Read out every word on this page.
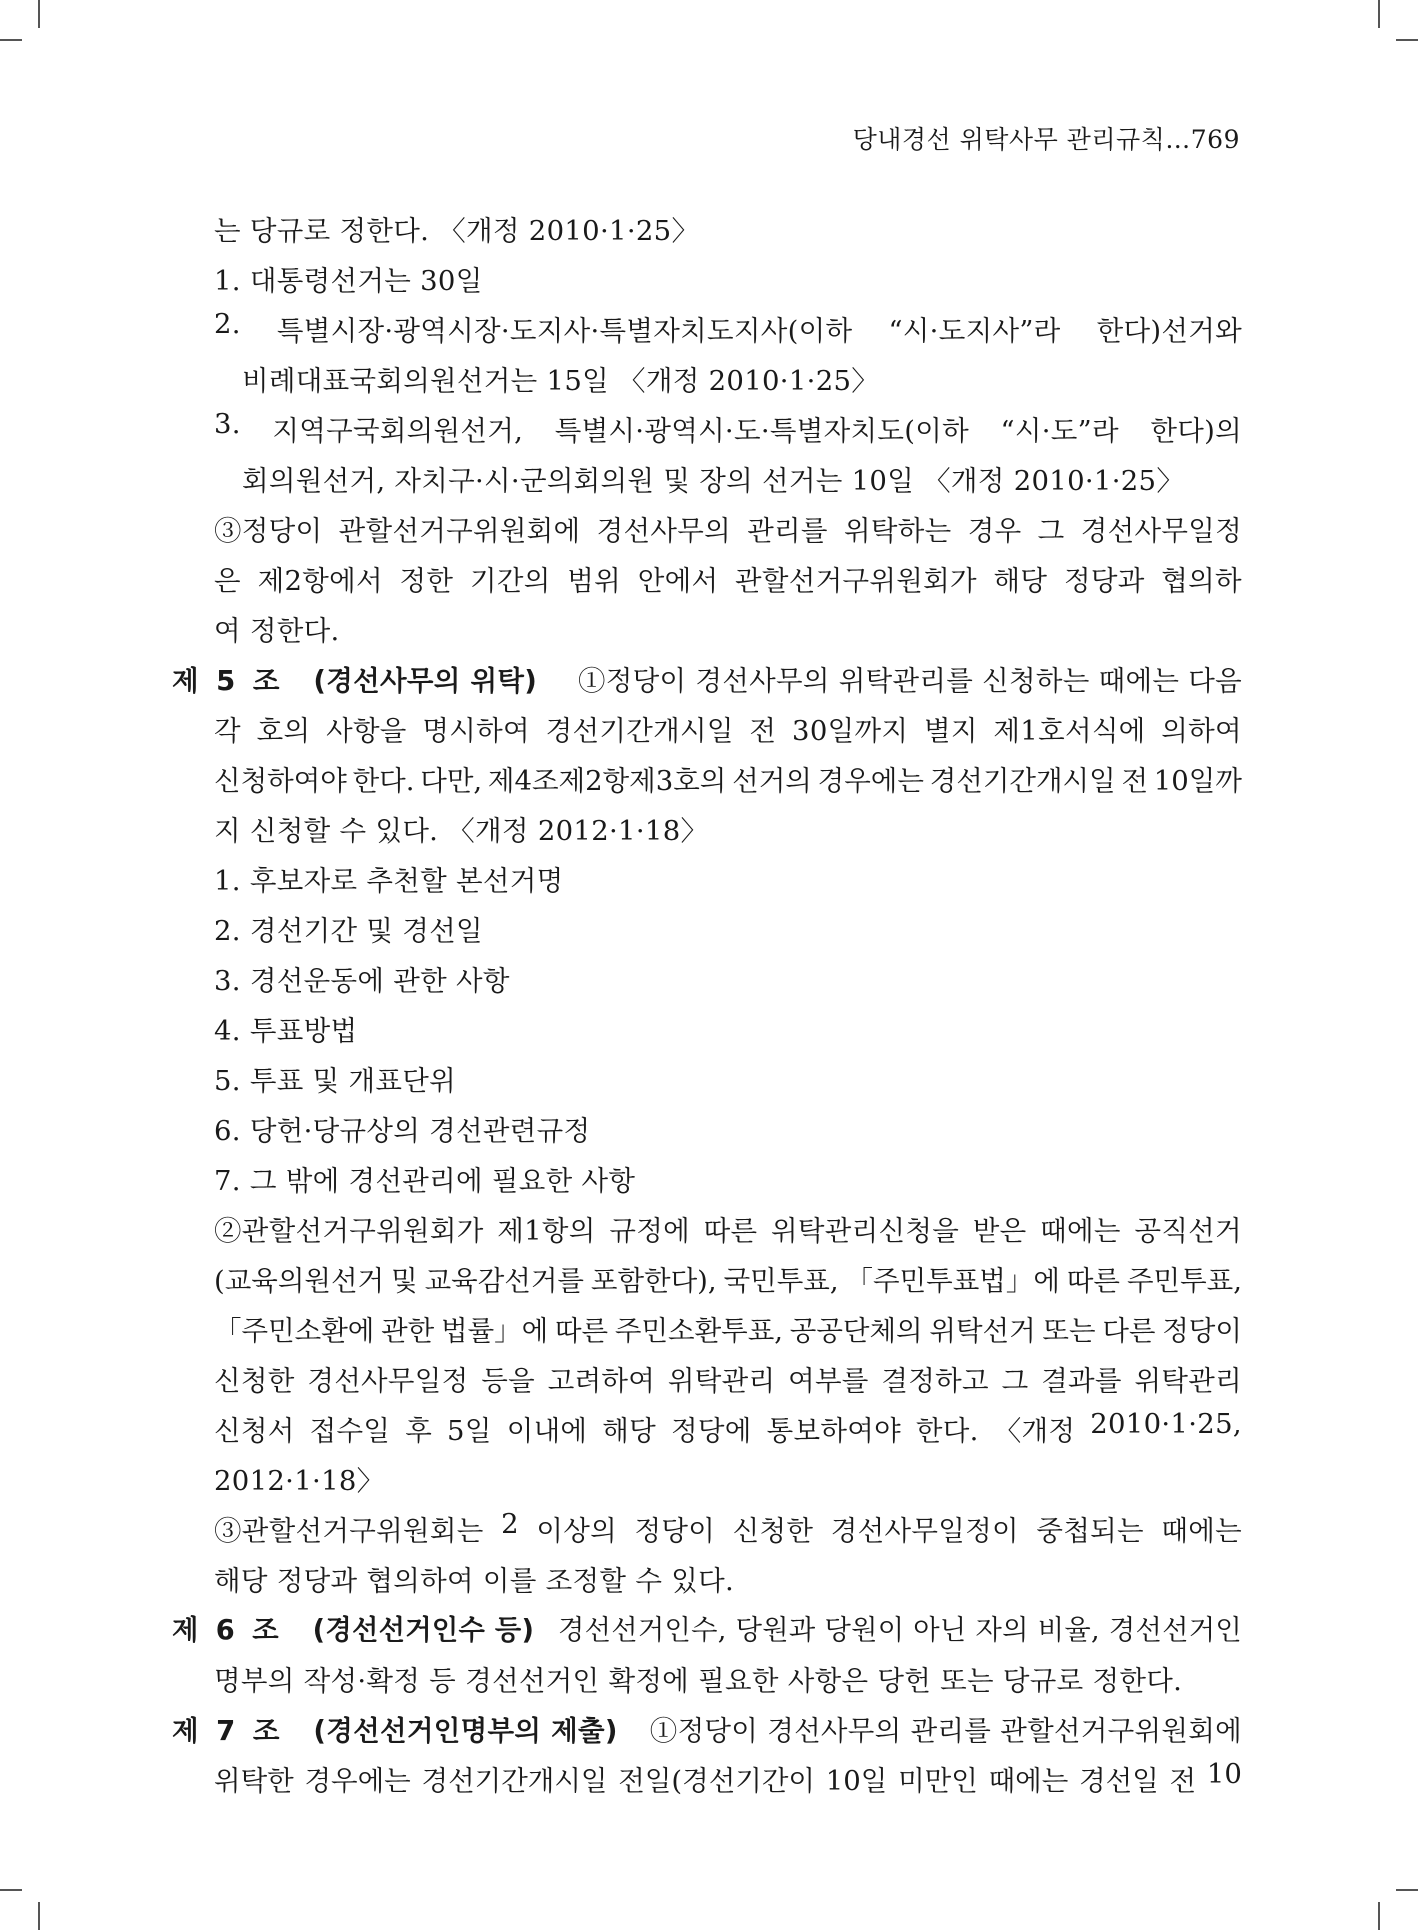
당내경선 위탁사무 관리규칙…769
는 당규로 정한다. 〈개정 2010·1·25〉
1. 대통령선거는 30일
2. 특별시장·광역시장·도지사·특별자치도지사(이하 “시·도지사”라 한다)선거와
비례대표국회의원선거는 15일 〈개정 2010·1·25〉
3. 지역구국회의원선거, 특별시·광역시·도·특별자치도(이하 “시·도”라 한다)의
회의원선거, 자치구·시·군의회의원 및 장의 선거는 10일 〈개정 2010·1·25〉
③정당이 관할선거구위원회에 경선사무의 관리를 위탁하는 경우 그 경선사무일정
은 제2항에서 정한 기간의 범위 안에서 관할선거구위원회가 해당 정당과 협의하
여 정한다.
제 5 조 (경선사무의 위탁) ①정당이 경선사무의 위탁관리를 신청하는 때에는 다음
각 호의 사항을 명시하여 경선기간개시일 전 30일까지 별지 제1호서식에 의하여
신청하여야 한다. 다만, 제4조제2항제3호의 선거의 경우에는 경선기간개시일 전 10일까
지 신청할 수 있다. 〈개정 2012·1·18〉
1. 후보자로 추천할 본선거명
2. 경선기간 및 경선일
3. 경선운동에 관한 사항
4. 투표방법
5. 투표 및 개표단위
6. 당헌·당규상의 경선관련규정
7. 그 밖에 경선관리에 필요한 사항
②관할선거구위원회가 제1항의 규정에 따른 위탁관리신청을 받은 때에는 공직선거
(교육의원선거 및 교육감선거를 포함한다), 국민투표, 「주민투표법」에 따른 주민투표,
「주민소환에 관한 법률」에 따른 주민소환투표, 공공단체의 위탁선거 또는 다른 정당이
신청한 경선사무일정 등을 고려하여 위탁관리 여부를 결정하고 그 결과를 위탁관리
신청서 접수일 후 5일 이내에 해당 정당에 통보하여야 한다. 〈개정 2010·1·25,
2012·1·18〉
③관할선거구위원회는 2 이상의 정당이 신청한 경선사무일정이 중첩되는 때에는
해당 정당과 협의하여 이를 조정할 수 있다.
제 6 조 (경선선거인수 등) 경선선거인수, 당원과 당원이 아닌 자의 비율, 경선선거인
명부의 작성·확정 등 경선선거인 확정에 필요한 사항은 당헌 또는 당규로 정한다.
제 7 조 (경선선거인명부의 제출) ①정당이 경선사무의 관리를 관할선거구위원회에
위탁한 경우에는 경선기간개시일 전일(경선기간이 10일 미만인 때에는 경선일 전 10
